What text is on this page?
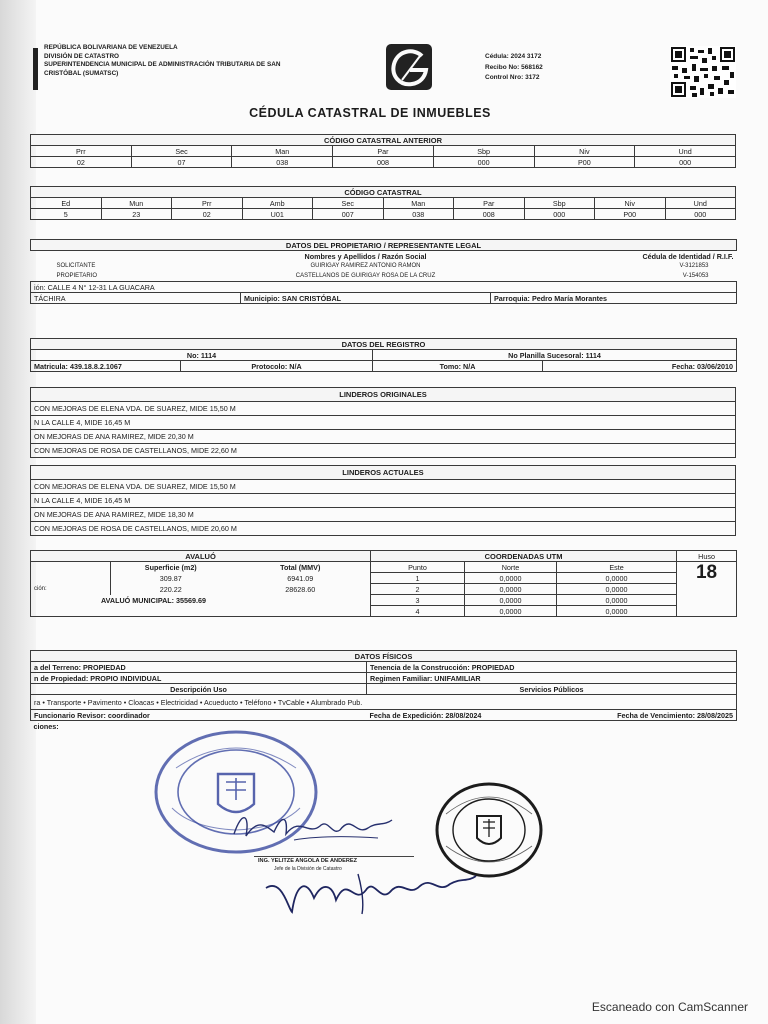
REPÚBLICA BOLIVARIANA DE VENEZUELA
DIVISIÓN DE CATASTRO
SUPERINTENDENCIA MUNICIPAL DE ADMINISTRACIÓN TRIBUTARIA DE SAN
CRISTÓBAL (SUMATSC)
Cédula: 2024 3172
Recibo No: 568162
Control Nro: 3172
CÉDULA CATASTRAL DE INMUEBLES
CÓDIGO CATASTRAL ANTERIOR						
Prr	Sec	Man	Par	Sbp	Niv	Und
02	07	038	008	000	P00	000
CÓDIGO CATASTRAL									
Ed	Mun	Prr	Amb	Sec	Man	Par	Sbp	Niv	Und
5	23	02	U01	007	038	008	000	P00	000
DATOS DEL PROPIETARIO / REPRESENTANTE LEGAL		
	Nombres y Apellidos / Razón Social	Cédula de Identidad / R.I.F.
SOLICITANTE	GUIRIGAY RAMIREZ ANTONIO RAMON	V-3121853
PROPIETARIO	CASTELLANOS DE GUIRIGAY ROSA DE LA CRUZ	V-154053
ión: CALLE 4 N° 12-31 LA GUACARA		
TÁCHIRA	Municipio: SAN CRISTÓBAL	Parroquia: Pedro María Morantes
DATOS DEL REGISTRO			
No: 1114		No Planilla Sucesoral: 1114	
Matricula: 439.18.8.2.1067	Protocolo: N/A	Tomo: N/A	Fecha: 03/06/2010
LINDEROS ORIGINALES
CON MEJORAS DE ELENA VDA. DE SUAREZ, MIDE 15,50 M
N LA CALLE 4, MIDE 16,45 M
ON MEJORAS DE ANA RAMIREZ, MIDE 20,30 M
CON MEJORAS DE ROSA DE CASTELLANOS, MIDE 22,60 M
LINDEROS ACTUALES
CON MEJORAS DE ELENA VDA. DE SUAREZ, MIDE 15,50 M
N LA CALLE 4, MIDE 16,45 M
ON MEJORAS DE ANA RAMIREZ, MIDE 18,30 M
CON MEJORAS DE ROSA DE CASTELLANOS, MIDE 20,60 M
AVALUÓ			COORDENADAS UTM			Huso
	Superficie (m2)	Total (MMV)	Punto	Norte	Este	18
	309.87	6941.09	1	0,0000	0,0000	
ción:	220.22	28628.60	2	0,0000	0,0000	
AVALUÓ MUNICIPAL: 35569.69			3	0,0000	0,0000	
			4	0,0000	0,0000	
DATOS FÍSICOS		
a del Terreno: PROPIEDAD	Tenencia de la Construcción: PROPIEDAD	
n de Propiedad: PROPIO INDIVIDUAL	Regimen Familiar: UNIFAMILIAR	
Descripción Uso	Servicios Públicos	
ra • Transporte • Pavimento • Cloacas • Electricidad • Acueducto • Teléfono • TvCable • Alumbrado Pub.		
Funcionario Revisor: coordinador	Fecha de Expedición: 28/08/2024	Fecha de Vencimiento: 28/08/2025
ciones:		
ING. YELITZE ANGOLA DE ANDEREZ
Jefe de la División de Catastro
Escaneado con CamScanner
